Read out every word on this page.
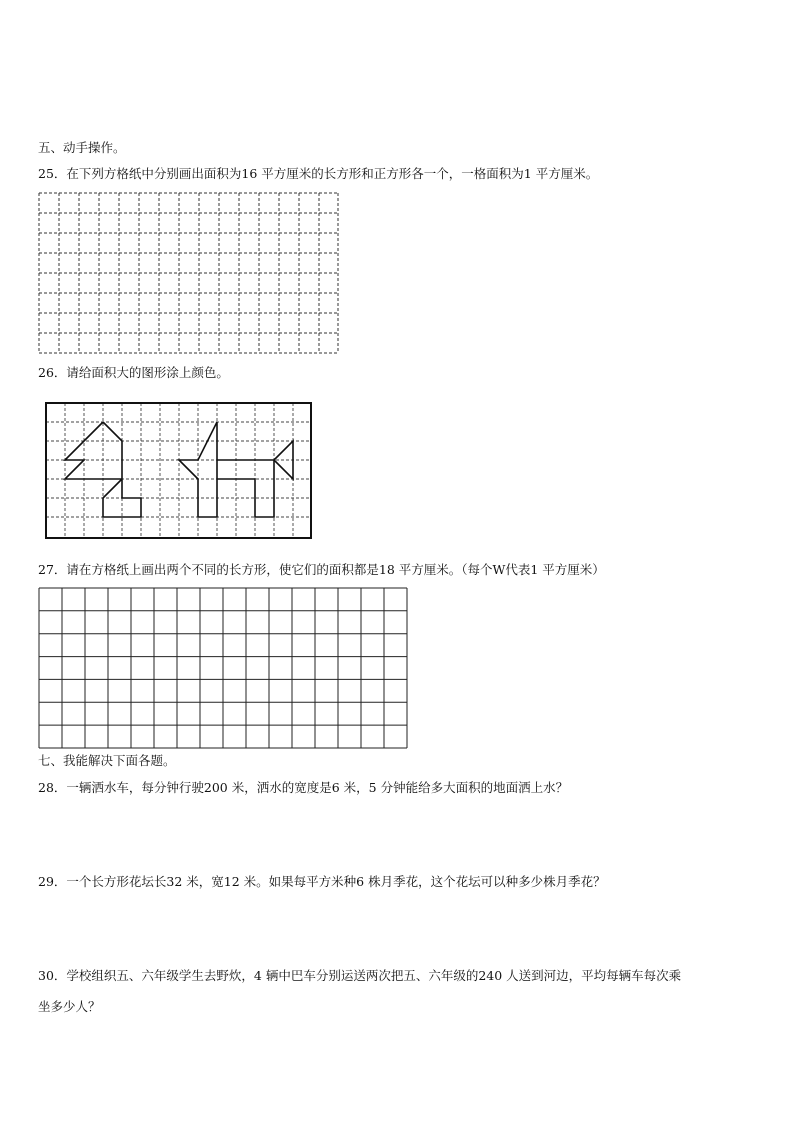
五、动手操作。
25．在下列方格纸中分别画出面积为16 平方厘米的长方形和正方形各一个，一格面积为1 平方厘米。
26．请给面积大的图形涂上颜色。
27．请在方格纸上画出两个不同的长方形，使它们的面积都是18 平方厘米。（每个W代表1 平方厘米）
七、我能解决下面各题。
28．一辆洒水车，每分钟行驶200 米，洒水的宽度是6 米，5 分钟能给多大面积的地面洒上水？
29．一个长方形花坛长32 米，宽12 米。如果每平方米种6 株月季花，这个花坛可以种多少株月季花？
30．学校组织五、六年级学生去野炊，4 辆中巴车分别运送两次把五、六年级的240 人送到河边，平均每辆车每次乘
坐多少人？
